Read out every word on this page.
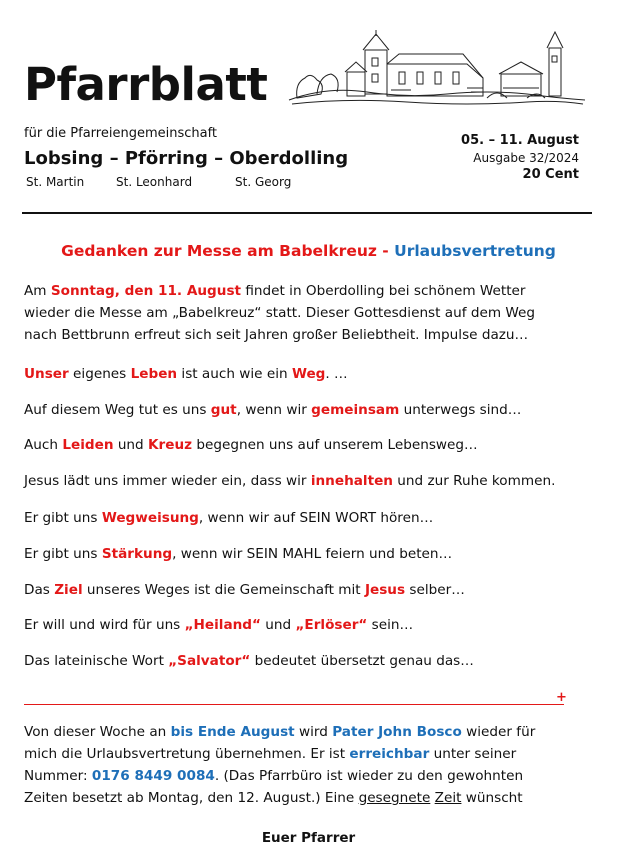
Pfarrblatt
für die Pfarreiengemeinschaft
Lobsing – Pförring – Oberdolling
St. Martin	St. Leonhard	St. Georg
05. – 11. August
Ausgabe 32/2024
20 Cent
Gedanken zur Messe am Babelkreuz - Urlaubsvertretung
Am Sonntag, den 11. August findet in Oberdolling bei schönem Wetter
wieder die Messe am „Babelkreuz“ statt. Dieser Gottesdienst auf dem Weg
nach Bettbrunn erfreut sich seit Jahren großer Beliebtheit. Impulse dazu…
Unser eigenes Leben ist auch wie ein Weg. …
Auf diesem Weg tut es uns gut, wenn wir gemeinsam unterwegs sind…
Auch Leiden und Kreuz begegnen uns auf unserem Lebensweg…
Jesus lädt uns immer wieder ein, dass wir innehalten und zur Ruhe kommen.
Er gibt uns Wegweisung, wenn wir auf SEIN WORT hören…
Er gibt uns Stärkung, wenn wir SEIN MAHL feiern und beten…
Das Ziel unseres Weges ist die Gemeinschaft mit Jesus selber…
Er will und wird für uns „Heiland“ und „Erlöser“ sein…
Das lateinische Wort „Salvator“ bedeutet übersetzt genau das…
+
Von dieser Woche an bis Ende August wird Pater John Bosco wieder für
mich die Urlaubsvertretung übernehmen. Er ist erreichbar unter seiner
Nummer: 0176 8449 0084. (Das Pfarrbüro ist wieder zu den gewohnten
Zeiten besetzt ab Montag, den 12. August.) Eine gesegnete Zeit wünscht
Euer Pfarrer
